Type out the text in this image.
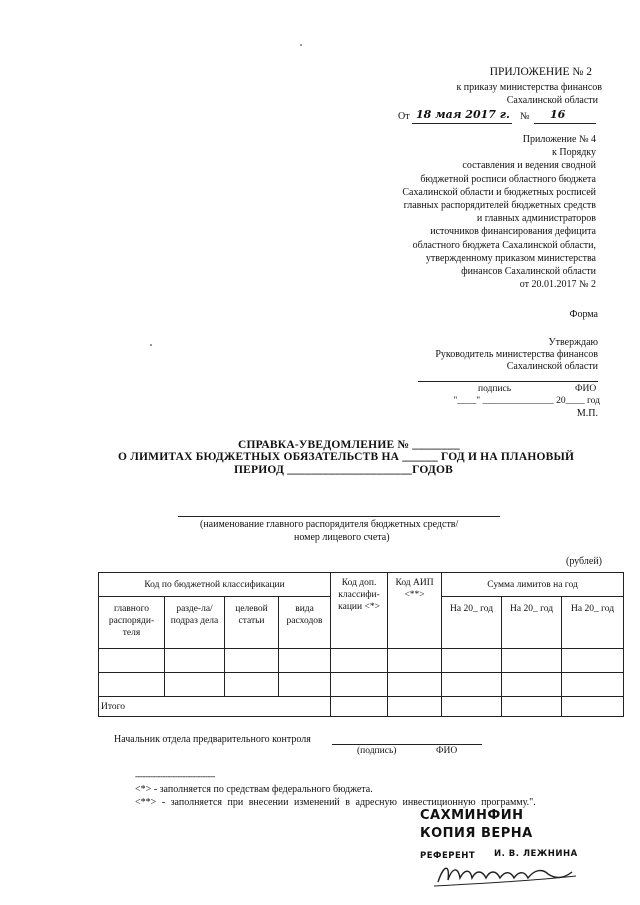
ПРИЛОЖЕНИЕ № 2
к приказу министерства финансов
Сахалинской области
От 18 мая 2017 г. № 16
Приложение № 4
к Порядку
составления и ведения сводной
бюджетной росписи областного бюджета
Сахалинской области и бюджетных росписей
главных распорядителей бюджетных средств
и главных администраторов
источников финансирования дефицита
областного бюджета Сахалинской области,
утвержденному приказом министерства
финансов Сахалинской области
от 20.01.2017 № 2
Форма
Утверждаю
Руководитель министерства финансов
Сахалинской области
подпись	ФИО
"____" _______________ 20____ год
М.П.
СПРАВКА-УВЕДОМЛЕНИЕ № ________
О ЛИМИТАХ БЮДЖЕТНЫХ ОБЯЗАТЕЛЬСТВ НА ______ ГОД И НА ПЛАНОВЫЙ
ПЕРИОД _____________________ГОДОВ
(наименование главного распорядителя бюджетных средств/
номер лицевого счета)
(рублей)
Код по бюджетной классификации				Код доп. классифи-кации <*>	Код АИП <**>	Сумма лимитов на год		
главного распоряди-теля	разде-ла/подраз дела	целевой статьи	вида расходов			На 20_ год	На 20_ год	На 20_ год

Итого								
Начальник отдела предварительного контроля
(подпись)	ФИО
--------------------------------
<*> - заполняется по средствам федерального бюджета.
<**> - заполняется при внесении изменений в адресную инвестиционную программу.".
САХМИНФИН
КОПИЯ ВЕРНА
РЕФЕРЕНТ И. В. ЛЕЖНИНА
